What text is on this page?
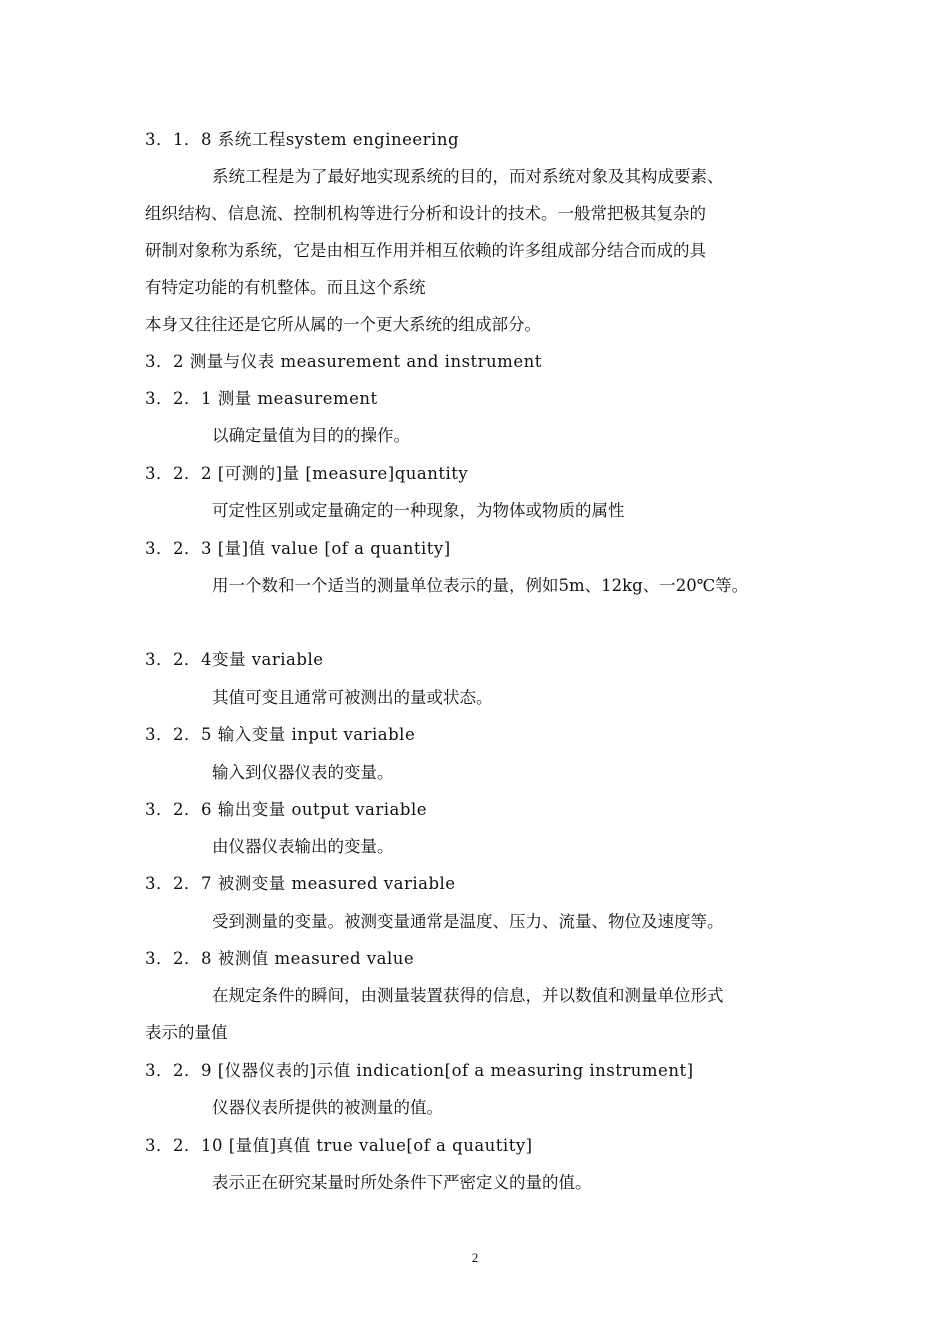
3．1．8 系统工程system engineering
系统工程是为了最好地实现系统的目的，而对系统对象及其构成要素、
组织结构、信息流、控制机构等进行分析和设计的技术。一般常把极其复杂的
研制对象称为系统，它是由相互作用并相互依赖的许多组成部分结合而成的具
有特定功能的有机整体。而且这个系统
本身又往往还是它所从属的一个更大系统的组成部分。
3．2 测量与仪表 measurement and instrument
3．2．1 测量 measurement
以确定量值为目的的操作。
3．2．2 [可测的]量 [measure]quantity
可定性区别或定量确定的一种现象，为物体或物质的属性
3．2．3 [量]值 value [of a quantity]
用一个数和一个适当的测量单位表示的量，例如5m、12kg、一20℃等。
3．2．4变量 variable
其值可变且通常可被测出的量或状态。
3．2．5 输入变量 input variable
输入到仪器仪表的变量。
3．2．6 输出变量 output variable
由仪器仪表输出的变量。
3．2．7 被测变量 measured variable
受到测量的变量。被测变量通常是温度、压力、流量、物位及速度等。
3．2．8 被测值 measured value
在规定条件的瞬间，由测量装置获得的信息，并以数值和测量单位形式
表示的量值
3．2．9 [仪器仪表的]示值 indication[of a measuring instrument]
仪器仪表所提供的被测量的值。
3．2．10 [量值]真值 true value[of a quautity]
表示正在研究某量时所处条件下严密定义的量的值。
2
